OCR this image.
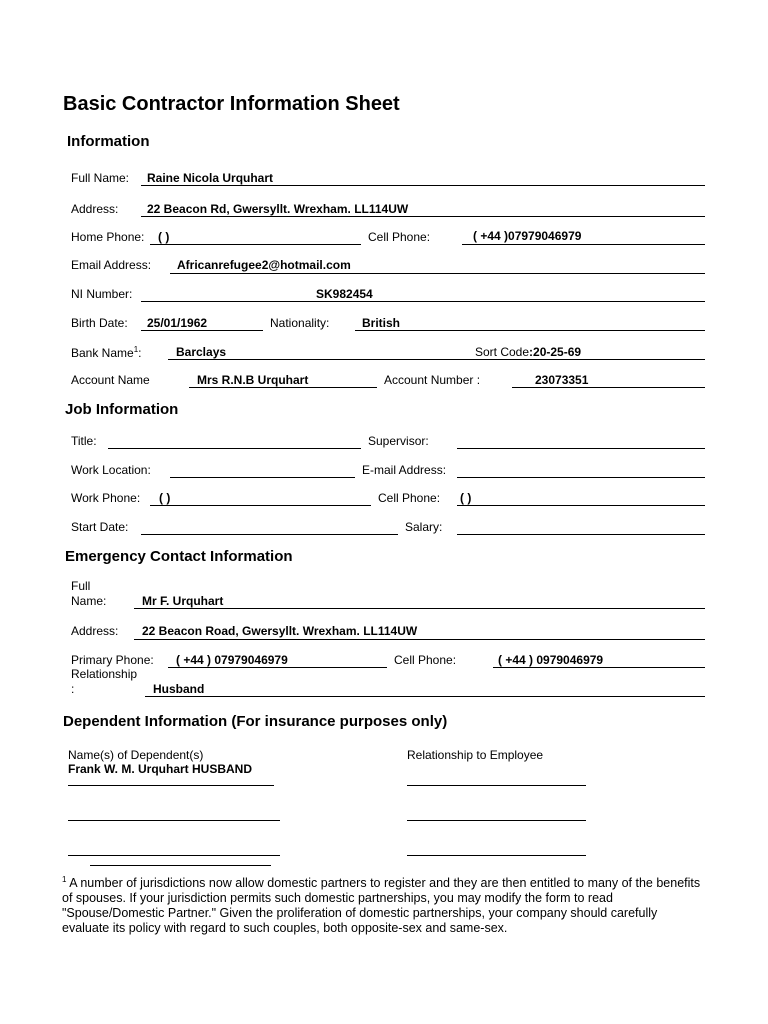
Basic Contractor Information Sheet
Information
Full Name: Raine Nicola Urquhart
Address: 22 Beacon Rd, Gwersyllt. Wrexham. LL114UW
Home Phone: ( )	Cell Phone:	( +44 )07979046979
Email Address: Africanrefugee2@hotmail.com
NI Number:	SK982454
Birth Date: 25/01/1962	Nationality:	British
Bank Name$^1$:	Barclays	Sort Code:20-25-69
Account Name	Mrs R.N.B Urquhart	Account Number :	23073351
Job Information
Title:	Supervisor:
Work Location:	E-mail Address:
Work Phone: ( )	Cell Phone: ( )
Start Date:	Salary:
Emergency Contact Information
Full
Name:	Mr F. Urquhart
Address: 22 Beacon Road, Gwersyllt. Wrexham. LL114UW
Primary Phone: ( +44 ) 07979046979	Cell Phone:	( +44 ) 0979046979
Relationship
:	Husband
Dependent Information (For insurance purposes only)
Name(s) of Dependent(s)	Relationship to Employee
Frank W. M. Urquhart HUSBAND
$^1$ A number of jurisdictions now allow domestic partners to register and they are then entitled to many of the benefits of spouses. If your jurisdiction permits such domestic partnerships, you may modify the form to read "Spouse/Domestic Partner." Given the proliferation of domestic partnerships, your company should carefully evaluate its policy with regard to such couples, both opposite-sex and same-sex.
